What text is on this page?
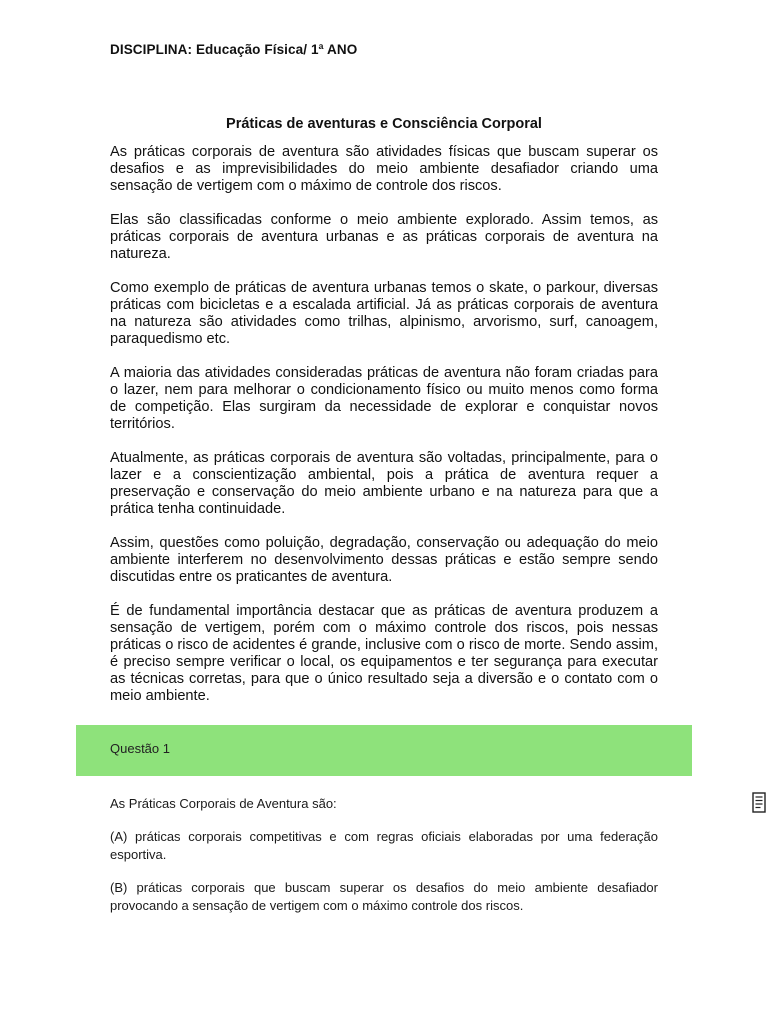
DISCIPLINA: Educação Física/ 1ª ANO
Práticas de aventuras e Consciência Corporal

As práticas corporais de aventura são atividades físicas que buscam superar os desafios e as imprevisibilidades do meio ambiente desafiador criando uma sensação de vertigem com o máximo de controle dos riscos.

Elas são classificadas conforme o meio ambiente explorado. Assim temos, as práticas corporais de aventura urbanas e as práticas corporais de aventura na natureza.

Como exemplo de práticas de aventura urbanas temos o skate, o parkour, diversas práticas com bicicletas e a escalada artificial. Já as práticas corporais de aventura na natureza são atividades como trilhas, alpinismo, arvorismo, surf, canoagem, paraquedismo etc.

A maioria das atividades consideradas práticas de aventura não foram criadas para o lazer, nem para melhorar o condicionamento físico ou muito menos como forma de competição. Elas surgiram da necessidade de explorar e conquistar novos territórios.

Atualmente, as práticas corporais de aventura são voltadas, principalmente, para o lazer e a conscientização ambiental, pois a prática de aventura requer a preservação e conservação do meio ambiente urbano e na natureza para que a prática tenha continuidade.

Assim, questões como poluição, degradação, conservação ou adequação do meio ambiente interferem no desenvolvimento dessas práticas e estão sempre sendo discutidas entre os praticantes de aventura.

É de fundamental importância destacar que as práticas de aventura produzem a sensação de vertigem, porém com o máximo controle dos riscos, pois nessas práticas o risco de acidentes é grande, inclusive com o risco de morte. Sendo assim, é preciso sempre verificar o local, os equipamentos e ter segurança para executar as técnicas corretas, para que o único resultado seja a diversão e o contato com o meio ambiente.

Questão 1

As Práticas Corporais de Aventura são:

(A) práticas corporais competitivas e com regras oficiais elaboradas por uma federação esportiva.

(B) práticas corporais que buscam superar os desafios do meio ambiente desafiador provocando a sensação de vertigem com o máximo controle dos riscos.
